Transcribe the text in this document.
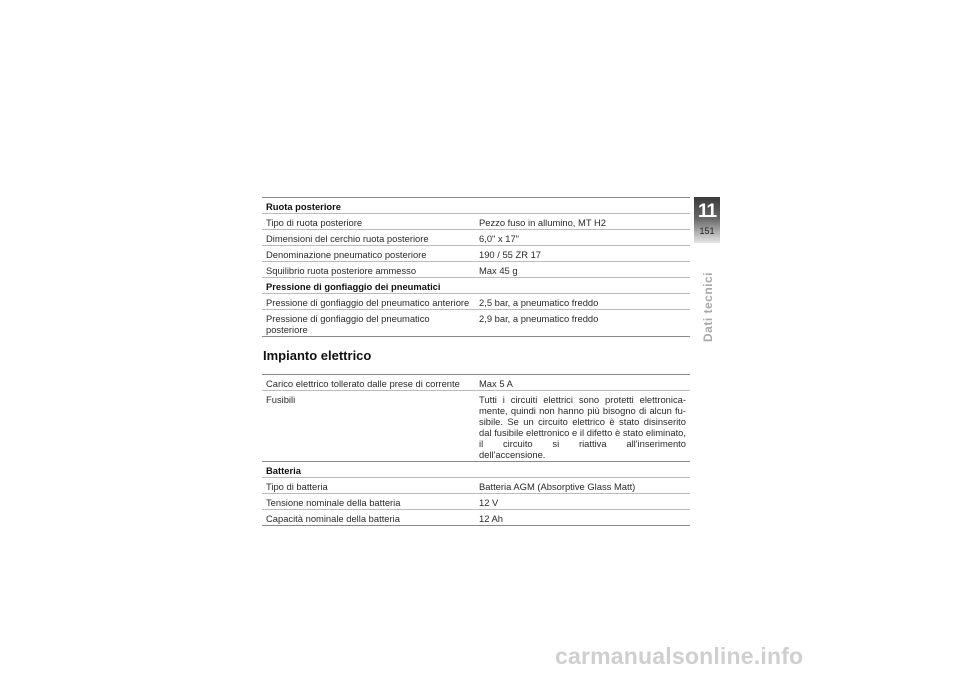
Ruota posteriore	
Tipo di ruota posteriore	Pezzo fuso in allumino, MT H2
Dimensioni del cerchio ruota posteriore	6,0" x 17"
Denominazione pneumatico posteriore	190 / 55 ZR 17
Squilibrio ruota posteriore ammesso	Max 45 g
Pressione di gonfiaggio dei pneumatici	
Pressione di gonfiaggio del pneumatico anteriore	2,5 bar, a pneumatico freddo
Pressione di gonfiaggio del pneumatico posteriore	2,9 bar, a pneumatico freddo
Impianto elettrico
Carico elettrico tollerato dalle prese di corrente	Max 5 A
Fusibili	Tutti i circuiti elettrici sono protetti elettronica-mente, quindi non hanno più bisogno di alcun fu-sibile. Se un circuito elettrico è stato disinserito dal fusibile elettronico e il difetto è stato eliminato, il circuito si riattiva all'inserimento dell'accensione.
Batteria	
Tipo di batteria	Batteria AGM (Absorptive Glass Matt)
Tensione nominale della batteria	12 V
Capacità nominale della batteria	12 Ah
11
151
Dati tecnici
carmanualsonline.info
